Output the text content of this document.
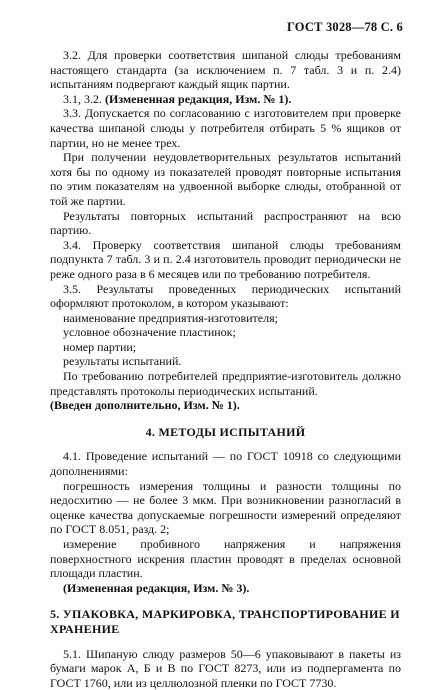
ГОСТ 3028—78 С. 6

3.2. Для проверки соответствия шипаной слюды требованиям настоящего стандарта (за исключением п. 7 табл. 3 и п. 2.4) испытаниям подвергают каждый ящик партии.

3.1, 3.2. (Измененная редакция, Изм. № 1).

3.3. Допускается по согласованию с изготовителем при проверке качества шипаной слюды у потребителя отбирать 5 % ящиков от партии, но не менее трех.

При получении неудовлетворительных результатов испытаний хотя бы по одному из показателей проводят повторные испытания по этим показателям на удвоенной выборке слюды, отобранной от той же партии.

Результаты повторных испытаний распространяют на всю партию.

3.4. Проверку соответствия шипаной слюды требованиям подпункта 7 табл. 3 и п. 2.4 изготовитель проводит периодически не реже одного раза в 6 месяцев или по требованию потребителя.

3.5. Результаты проведенных периодических испытаний оформляют протоколом, в котором указывают:

наименование предприятия-изготовителя;

условное обозначение пластинок;

номер партии;

результаты испытаний.

По требованию потребителей предприятие-изготовитель должно представлять протоколы периодических испытаний.

(Введен дополнительно, Изм. № 1).

4. МЕТОДЫ ИСПЫТАНИЙ

4.1. Проведение испытаний — по ГОСТ 10918 со следующими дополнениями:

погрешность измерения толщины и разности толщины по недосхитию — не более 3 мкм. При возникновении разногласий в оценке качества допускаемые погрешности измерений определяют по ГОСТ 8.051, разд. 2;

измерение пробивного напряжения и напряжения поверхностного искрения пластин проводят в пределах основной площади пластин.

(Измененная редакция, Изм. № 3).

5. УПАКОВКА, МАРКИРОВКА, ТРАНСПОРТИРОВАНИЕ И ХРАНЕНИЕ

5.1. Шипаную слюду размеров 50—6 упаковывают в пакеты из бумаги марок А, Б и В по ГОСТ 8273, или из подпергамента по ГОСТ 1760, или из целлюлозной пленки по ГОСТ 7730.
